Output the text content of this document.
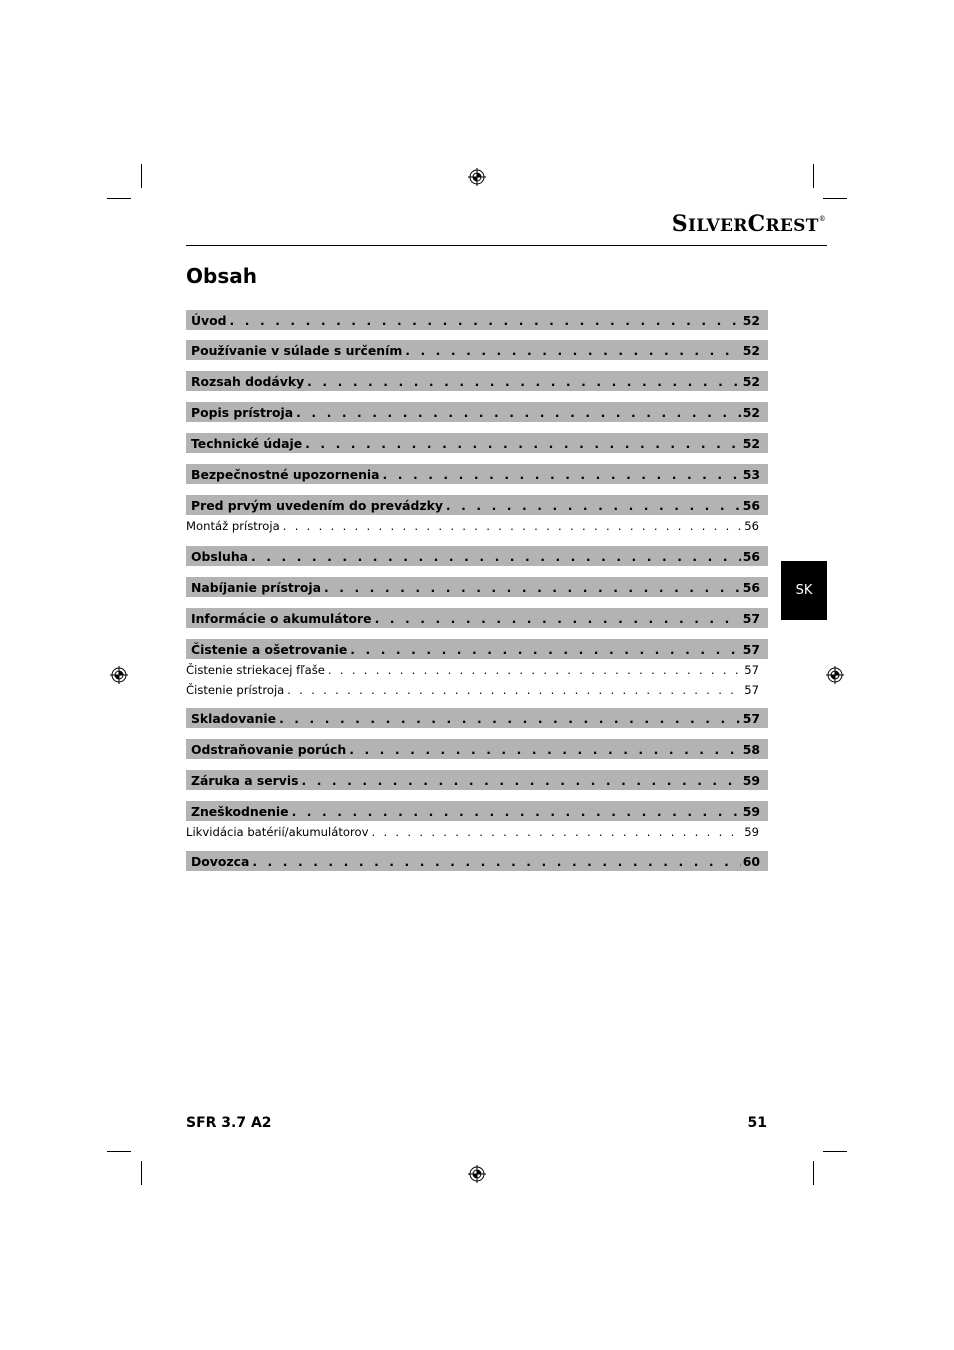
SILVERCREST®
Obsah
Úvod . . .	52
Používanie v súlade s určením . . .	52
Rozsah dodávky . . .	52
Popis prístroja . . .	52
Technické údaje . . .	52
Bezpečnostné upozornenia . . .	53
Pred prvým uvedením do prevádzky . . .	56
Montáž prístroja . . .	56
Obsluha . . .	56
Nabíjanie prístroja . . .	56
Informácie o akumulátore . . .	57
Čistenie a ošetrovanie . . .	57
Čistenie striekacej fľaše . . .	57
Čistenie prístroja . . .	57
Skladovanie . . .	57
Odstraňovanie porúch . . .	58
Záruka a servis . . .	59
Zneškodnenie . . .	59
Likvidácia batérií/akumulátorov . . .	59
Dovozca . . .	60
SK
SFR 3.7 A2	51
